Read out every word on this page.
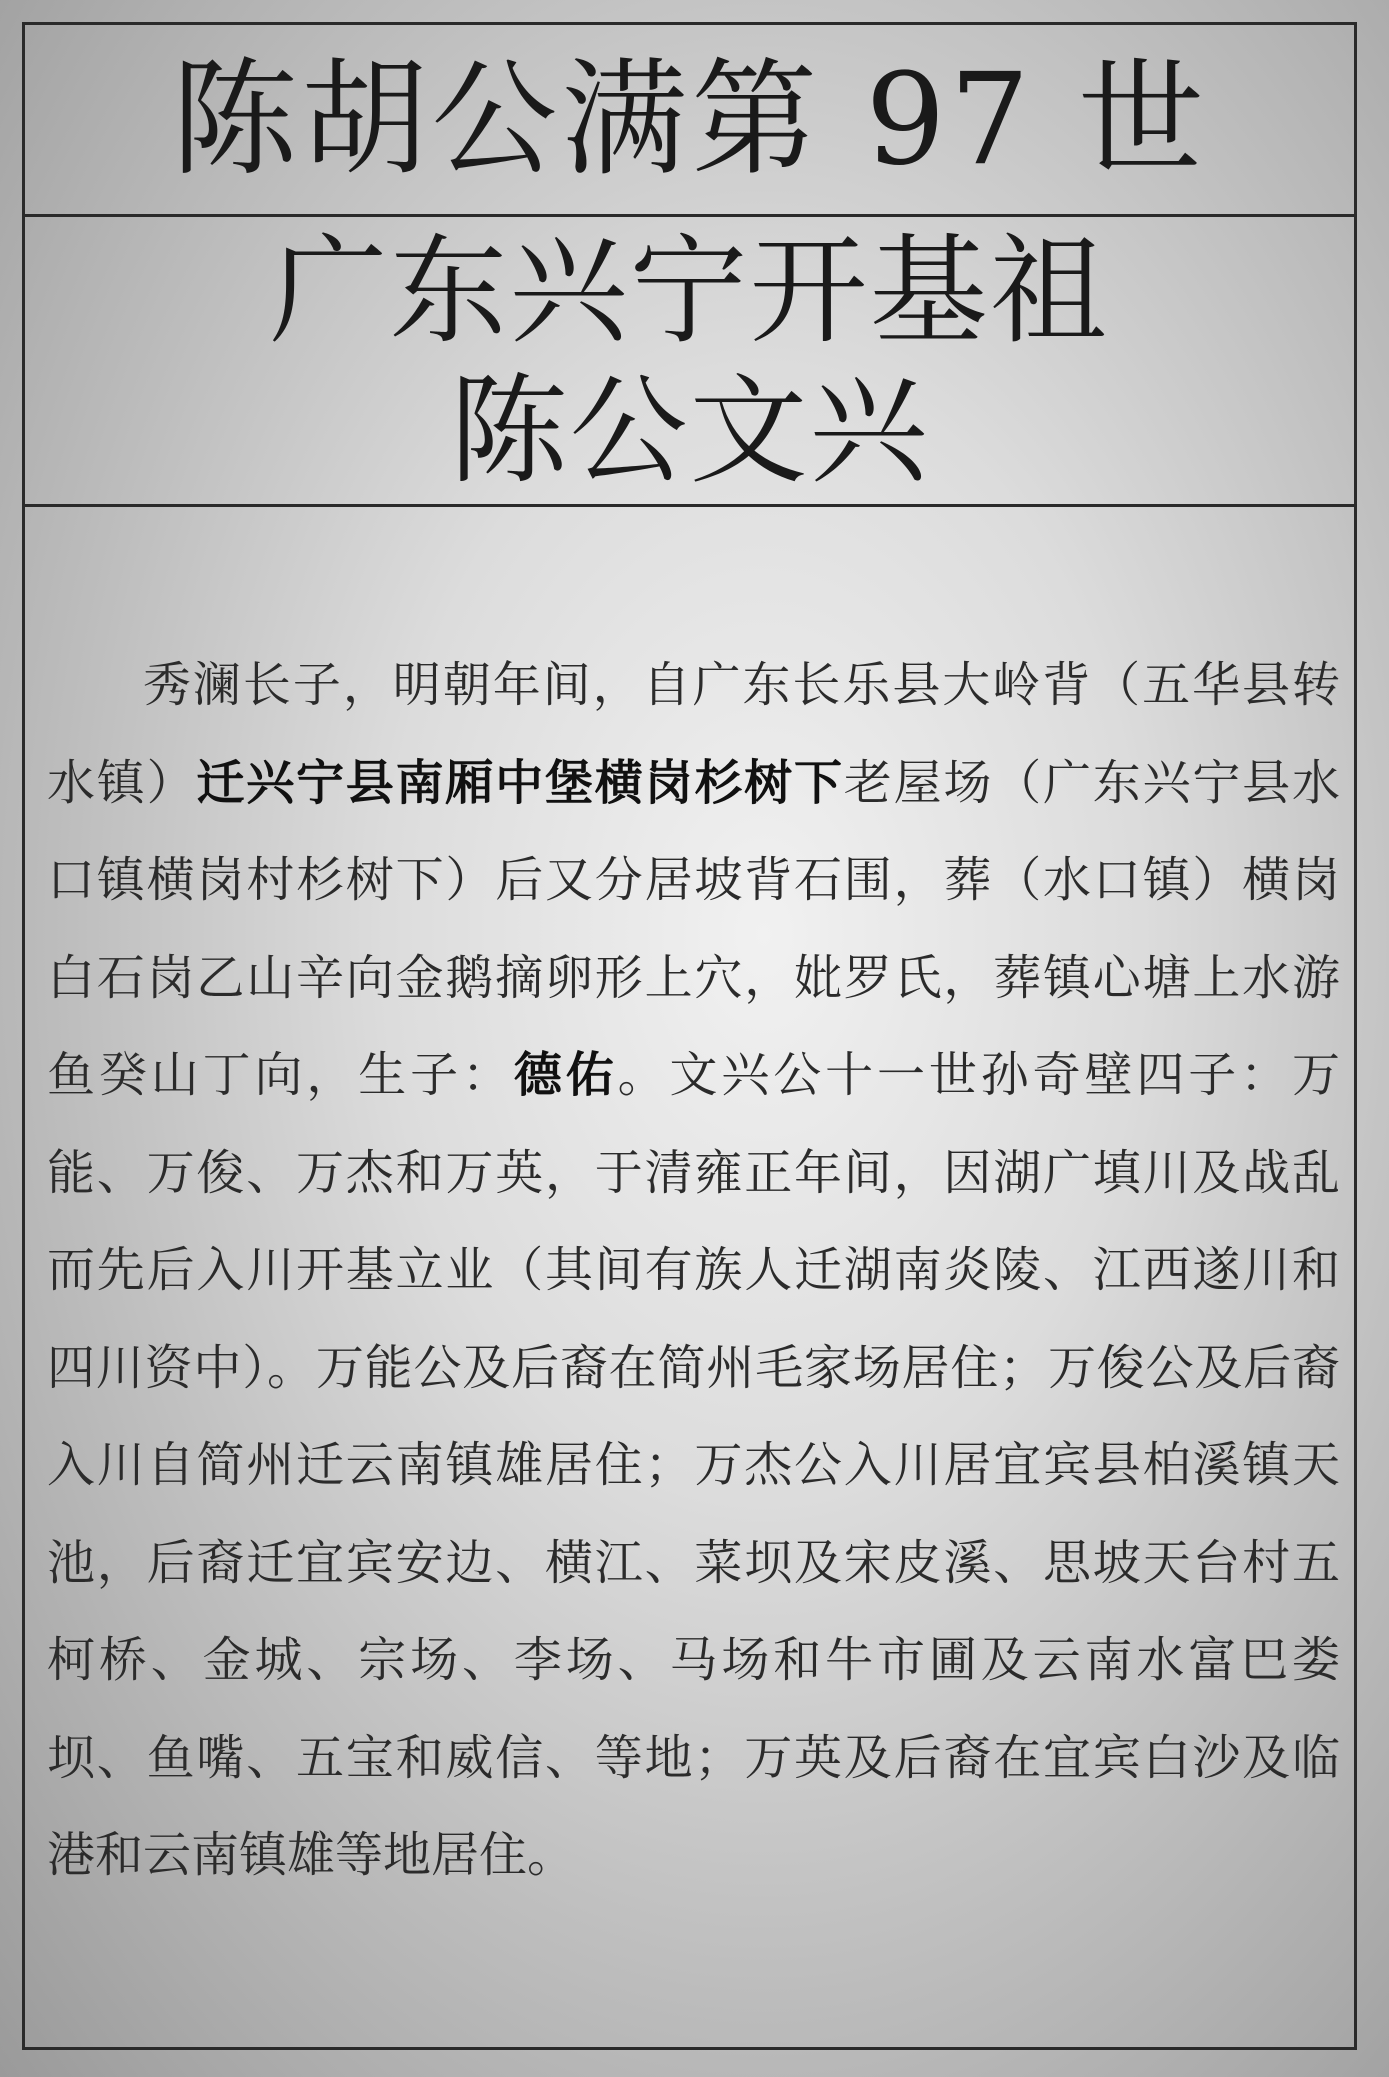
陈胡公满第 97 世
广东兴宁开基祖
陈公文兴

秀澜长子，明朝年间，自广东长乐县大岭背（五华县转水镇）迁兴宁县南厢中堡横岗杉树下老屋场（广东兴宁县水口镇横岗村杉树下）后又分居坡背石围，葬（水口镇）横岗白石岗乙山辛向金鹅摘卵形上穴，妣罗氏，葬镇心塘上水游鱼癸山丁向，生子：德佑。文兴公十一世孙奇壁四子：万能、万俊、万杰和万英，于清雍正年间，因湖广填川及战乱而先后入川开基立业（其间有族人迁湖南炎陵、江西遂川和四川资中）。万能公及后裔在简州毛家场居住；万俊公及后裔入川自简州迁云南镇雄居住；万杰公入川居宜宾县柏溪镇天池，后裔迁宜宾安边、横江、菜坝及宋皮溪、思坡天台村五柯桥、金城、宗场、李场、马场和牛市圃及云南水富巴娄坝、鱼嘴、五宝和威信、等地；万英及后裔在宜宾白沙及临港和云南镇雄等地居住。
